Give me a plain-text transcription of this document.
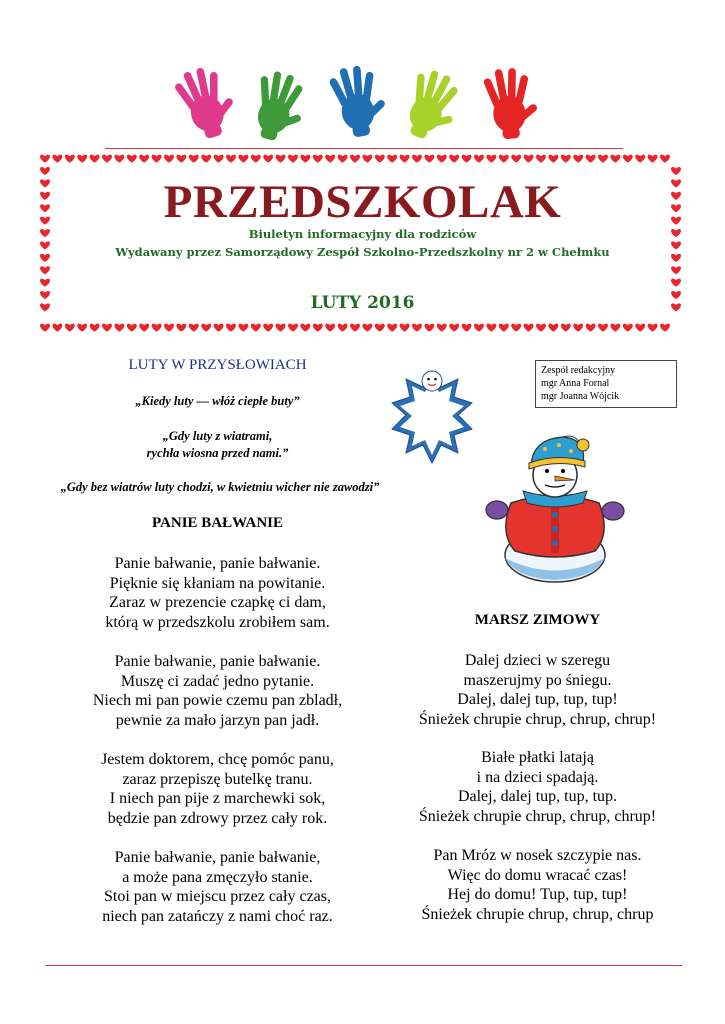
PRZEDSZKOLAK
Biuletyn informacyjny dla rodziców
Wydawany przez Samorządowy Zespół Szkolno-Przedszkolny nr 2 w Chełmku
LUTY 2016
Zespół redakcyjny
mgr Anna Fornal
mgr Joanna Wójcik
LUTY W PRZYSŁOWIACH
„Kiedy luty — włóż ciepłe buty”
„Gdy luty z wiatrami,
rychła wiosna przed nami.”
„Gdy bez wiatrów luty chodzi, w kwietniu wicher nie zawodzi”
PANIE BAŁWANIE
Panie bałwanie, panie bałwanie.
Pięknie się kłaniam na powitanie.
Zaraz w prezencie czapkę ci dam,
którą w przedszkolu zrobiłem sam.
Panie bałwanie, panie bałwanie.
Muszę ci zadać jedno pytanie.
Niech mi pan powie czemu pan zbladł,
pewnie za mało jarzyn pan jadł.
Jestem doktorem, chcę pomóc panu,
zaraz przepiszę butelkę tranu.
I niech pan pije z marchewki sok,
będzie pan zdrowy przez cały rok.
Panie bałwanie, panie bałwanie,
a może pana zmęczyło stanie.
Stoi pan w miejscu przez cały czas,
niech pan zatańczy z nami choć raz.
MARSZ ZIMOWY
Dalej dzieci w szeregu
maszerujmy po śniegu.
Dalej, dalej tup, tup, tup!
Śnieżek chrupie chrup, chrup, chrup!
Białe płatki latają
i na dzieci spadają.
Dalej, dalej tup, tup, tup.
Śnieżek chrupie chrup, chrup, chrup!
Pan Mróz w nosek szczypie nas.
Więc do domu wracać czas!
Hej do domu! Tup, tup, tup!
Śnieżek chrupie chrup, chrup, chrup
